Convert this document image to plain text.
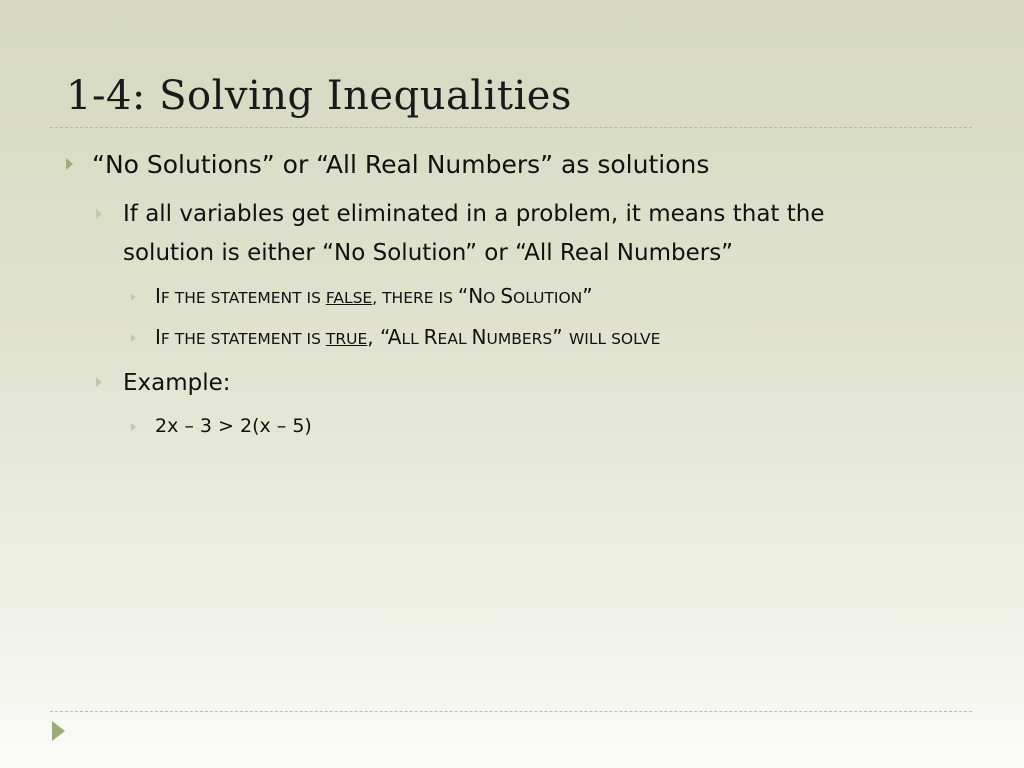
1-4: Solving Inequalities

“No Solutions” or “All Real Numbers” as solutions

If all variables get eliminated in a problem, it means that the

solution is either “No Solution” or “All Real Numbers”

IF THE STATEMENT IS FALSE, THERE IS “NO SOLUTION”

IF THE STATEMENT IS TRUE, “ALL REAL NUMBERS” WILL SOLVE

Example:

2x – 3 > 2(x – 5)
